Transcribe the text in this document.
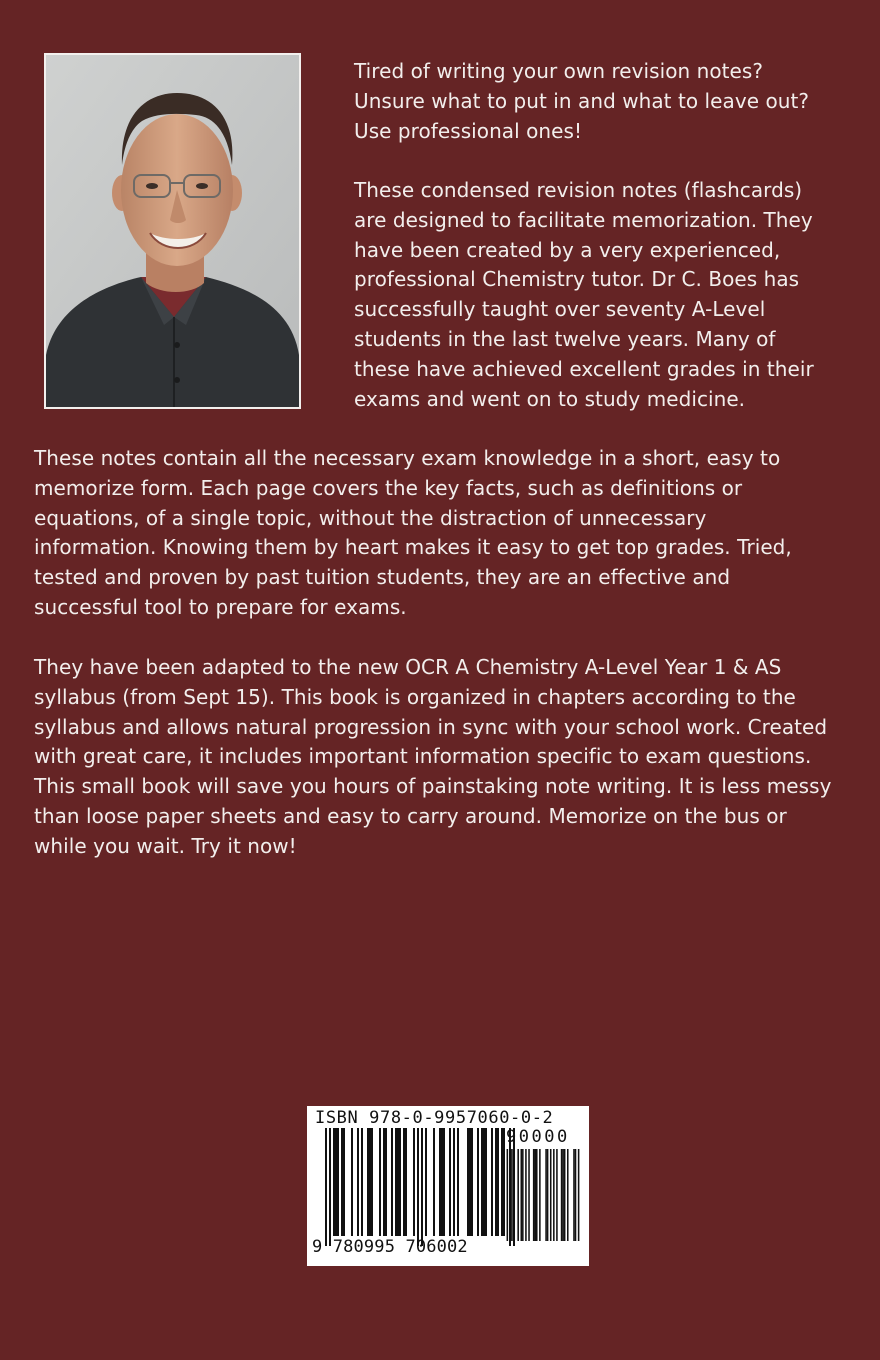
Tired of writing your own revision notes?
Unsure what to put in and what to leave out?
Use professional ones!

These condensed revision notes (flashcards) are designed to facilitate memorization. They have been created by a very experienced, professional Chemistry tutor. Dr C. Boes has successfully taught over seventy A-Level students in the last twelve years. Many of these have achieved excellent grades in their exams and went on to study medicine.

These notes contain all the necessary exam knowledge in a short, easy to memorize form. Each page covers the key facts, such as definitions or equations, of a single topic, without the distraction of unnecessary information. Knowing them by heart makes it easy to get top grades. Tried, tested and proven by past tuition students, they are an effective and successful tool to prepare for exams.

They have been adapted to the new OCR A Chemistry A-Level Year 1 & AS syllabus (from Sept 15). This book is organized in chapters according to the syllabus and allows natural progression in sync with your school work. Created with great care, it includes important information specific to exam questions. This small book will save you hours of painstaking note writing. It is less messy than loose paper sheets and easy to carry around. Memorize on the bus or while you wait. Try it now!

ISBN 978-0-9957060-0-2
90000
9 780995 706002
